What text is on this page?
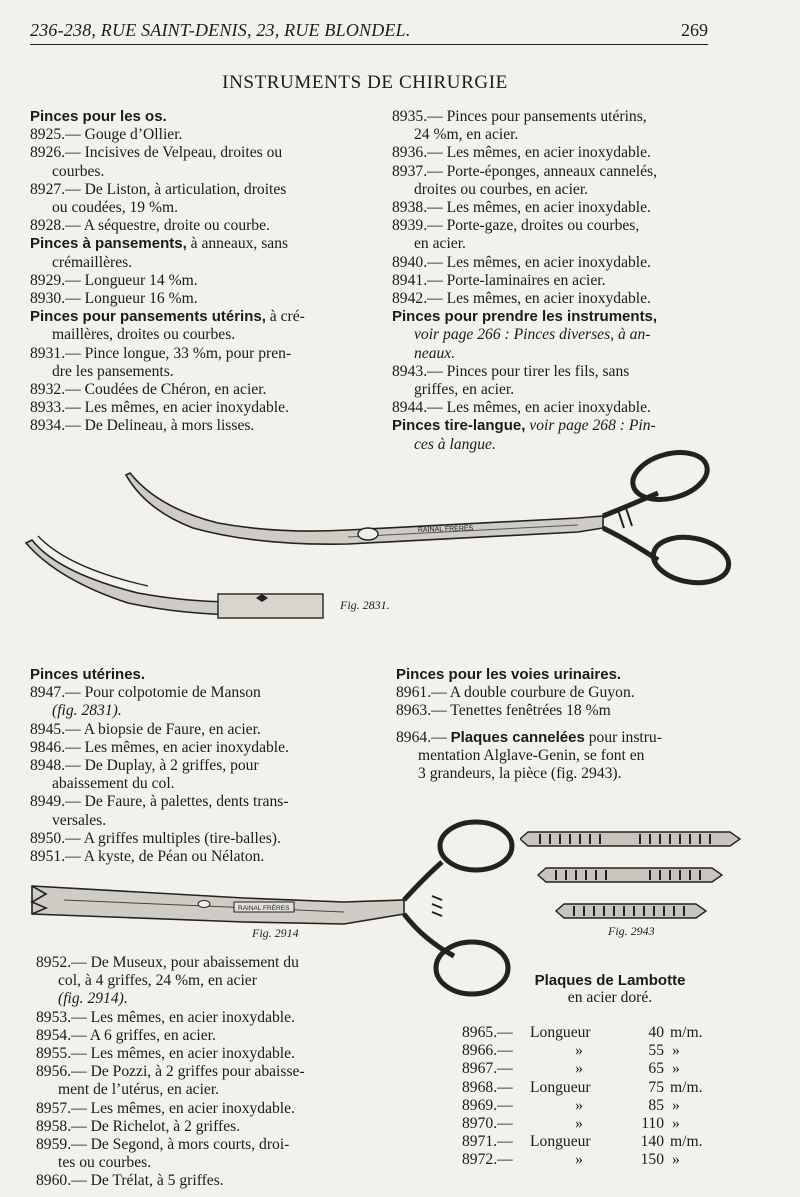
236-238, RUE SAINT-DENIS, 23, RUE BLONDEL.	269
INSTRUMENTS DE CHIRURGIE

Pinces pour les os.

8925.— Gouge d’Ollier.

8926.— Incisives de Velpeau, droites ou

courbes.

8927.— De Liston, à articulation, droites

ou coudées, 19 %m.

8928.— A séquestre, droite ou courbe.

Pinces à pansements, à anneaux, sans

crémaillères.

8929.— Longueur 14 %m.

8930.— Longueur 16 %m.

Pinces pour pansements utérins, à cré-

maillères, droites ou courbes.

8931.— Pince longue, 33 %m, pour pren-

dre les pansements.

8932.— Coudées de Chéron, en acier.

8933.— Les mêmes, en acier inoxydable.

8934.— De Delineau, à mors lisses.

8935.— Pinces pour pansements utérins,

24 %m, en acier.

8936.— Les mêmes, en acier inoxydable.

8937.— Porte-éponges, anneaux cannelés,

droites ou courbes, en acier.

8938.— Les mêmes, en acier inoxydable.

8939.— Porte-gaze, droites ou courbes,

en acier.

8940.— Les mêmes, en acier inoxydable.

8941.— Porte-laminaires en acier.

8942.— Les mêmes, en acier inoxydable.

Pinces pour prendre les instruments,

voir page 266 : Pinces diverses, à an-

neaux.

8943.— Pinces pour tirer les fils, sans

griffes, en acier.

8944.— Les mêmes, en acier inoxydable.

Pinces tire-langue, voir page 268 : Pin-

ces à langue.

RAINAL FRÈRES
Fig. 2831.

Pinces utérines.

8947.— Pour colpotomie de Manson

(fig. 2831).

8945.— A biopsie de Faure, en acier.

9846.— Les mêmes, en acier inoxydable.

8948.— De Duplay, à 2 griffes, pour

abaissement du col.

8949.— De Faure, à palettes, dents trans-

versales.

8950.— A griffes multiples (tire-balles).

8951.— A kyste, de Péan ou Nélaton.

Pinces pour les voies urinaires.

8961.— A double courbure de Guyon.

8963.— Tenettes fenêtrées 18 %m

8964.— Plaques cannelées pour instru-

mentation Alglave-Genin, se font en

3 grandeurs, la pièce (fig. 2943).

RAINAL FRÈRES
Fig. 2914	Fig. 2943

8952.— De Museux, pour abaissement du

col, à 4 griffes, 24 %m, en acier

(fig. 2914).

8953.— Les mêmes, en acier inoxydable.

8954.— A 6 griffes, en acier.

8955.— Les mêmes, en acier inoxydable.

8956.— De Pozzi, à 2 griffes pour abaisse-

ment de l’utérus, en acier.

8957.— Les mêmes, en acier inoxydable.

8958.— De Richelot, à 2 griffes.

8959.— De Segond, à mors courts, droi-

tes ou courbes.

8960.— De Trélat, à 5 griffes.

Plaques de Lambotte
en acier doré.
8965.—	Longueur	40 m/m.
8966.—	»	55 »
8967.—	»	65 »
8968.—	Longueur	75 m/m.
8969.—	»	85 »
8970.—	»	110 »
8971.—	Longueur	140 m/m.
8972.—	»	150 »
